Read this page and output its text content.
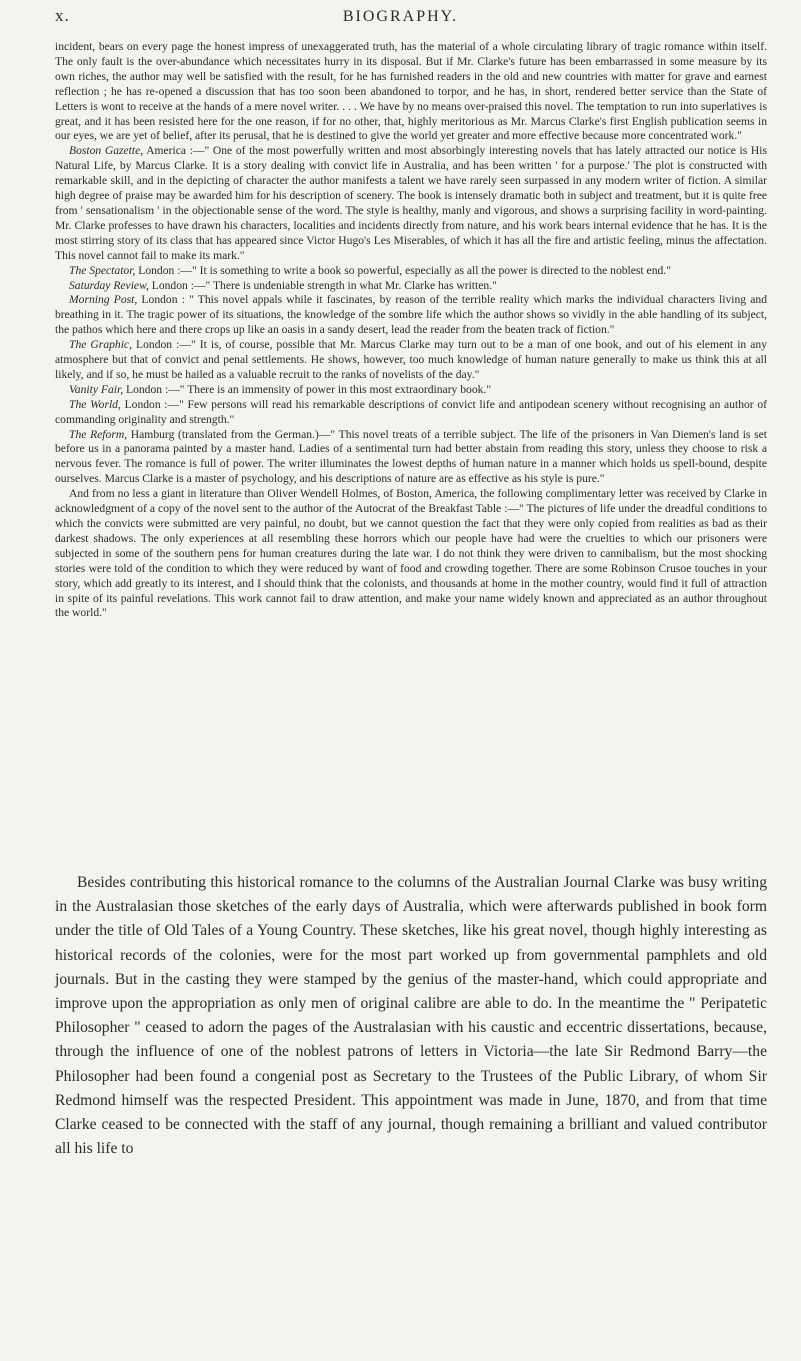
x.	BIOGRAPHY.

incident, bears on every page the honest impress of unexaggerated truth, has the material of a whole circulating library of tragic romance within itself. The only fault is the over-abundance which necessitates hurry in its disposal. But if Mr. Clarke's future has been embarrassed in some measure by its own riches, the author may well be satisfied with the result, for he has furnished readers in the old and new countries with matter for grave and earnest reflection ; he has re-opened a discussion that has too soon been abandoned to torpor, and he has, in short, rendered better service than the State of Letters is wont to receive at the hands of a mere novel writer. . . . We have by no means over-praised this novel. The temptation to run into superlatives is great, and it has been resisted here for the one reason, if for no other, that, highly meritorious as Mr. Marcus Clarke's first English publication seems in our eyes, we are yet of belief, after its perusal, that he is destined to give the world yet greater and more effective because more concentrated work."

Boston Gazette, America :—" One of the most powerfully written and most absorbingly interesting novels that has lately attracted our notice is His Natural Life, by Marcus Clarke. It is a story dealing with convict life in Australia, and has been written ' for a purpose.' The plot is constructed with remarkable skill, and in the depicting of character the author manifests a talent we have rarely seen surpassed in any modern writer of fiction. A similar high degree of praise may be awarded him for his description of scenery. The book is intensely dramatic both in subject and treatment, but it is quite free from ' sensationalism ' in the objectionable sense of the word. The style is healthy, manly and vigorous, and shows a surprising facility in word-painting. Mr. Clarke professes to have drawn his characters, localities and incidents directly from nature, and his work bears internal evidence that he has. It is the most stirring story of its class that has appeared since Victor Hugo's Les Miserables, of which it has all the fire and artistic feeling, minus the affectation. This novel cannot fail to make its mark."

The Spectator, London :—" It is something to write a book so powerful, especially as all the power is directed to the noblest end."

Saturday Review, London :—" There is undeniable strength in what Mr. Clarke has written."

Morning Post, London : " This novel appals while it fascinates, by reason of the terrible reality which marks the individual characters living and breathing in it. The tragic power of its situations, the knowledge of the sombre life which the author shows so vividly in the able handling of its subject, the pathos which here and there crops up like an oasis in a sandy desert, lead the reader from the beaten track of fiction."

The Graphic, London :—" It is, of course, possible that Mr. Marcus Clarke may turn out to be a man of one book, and out of his element in any atmosphere but that of convict and penal settlements. He shows, however, too much knowledge of human nature generally to make us think this at all likely, and if so, he must be hailed as a valuable recruit to the ranks of novelists of the day."

Vanity Fair, London :—" There is an immensity of power in this most extraordinary book."

The World, London :—" Few persons will read his remarkable descriptions of convict life and antipodean scenery without recognising an author of commanding originality and strength."

The Reform, Hamburg (translated from the German.)—" This novel treats of a terrible subject. The life of the prisoners in Van Diemen's land is set before us in a panorama painted by a master hand. Ladies of a sentimental turn had better abstain from reading this story, unless they choose to risk a nervous fever. The romance is full of power. The writer illuminates the lowest depths of human nature in a manner which holds us spell-bound, despite ourselves. Marcus Clarke is a master of psychology, and his descriptions of nature are as effective as his style is pure."

And from no less a giant in literature than Oliver Wendell Holmes, of Boston, America, the following complimentary letter was received by Clarke in acknowledgment of a copy of the novel sent to the author of the Autocrat of the Breakfast Table :—" The pictures of life under the dreadful conditions to which the convicts were submitted are very painful, no doubt, but we cannot question the fact that they were only copied from realities as bad as their darkest shadows. The only experiences at all resembling these horrors which our people have had were the cruelties to which our prisoners were subjected in some of the southern pens for human creatures during the late war. I do not think they were driven to cannibalism, but the most shocking stories were told of the condition to which they were reduced by want of food and crowding together. There are some Robinson Crusoe touches in your story, which add greatly to its interest, and I should think that the colonists, and thousands at home in the mother country, would find it full of attraction in spite of its painful revelations. This work cannot fail to draw attention, and make your name widely known and appreciated as an author throughout the world."

Besides contributing this historical romance to the columns of the Australian Journal Clarke was busy writing in the Australasian those sketches of the early days of Australia, which were afterwards published in book form under the title of Old Tales of a Young Country. These sketches, like his great novel, though highly interesting as historical records of the colonies, were for the most part worked up from governmental pamphlets and old journals. But in the casting they were stamped by the genius of the master-hand, which could appropriate and improve upon the appropriation as only men of original calibre are able to do. In the meantime the " Peripatetic Philosopher " ceased to adorn the pages of the Australasian with his caustic and eccentric dissertations, because, through the influence of one of the noblest patrons of letters in Victoria—the late Sir Redmond Barry—the Philosopher had been found a congenial post as Secretary to the Trustees of the Public Library, of whom Sir Redmond himself was the respected President. This appointment was made in June, 1870, and from that time Clarke ceased to be connected with the staff of any journal, though remaining a brilliant and valued contributor all his life to
